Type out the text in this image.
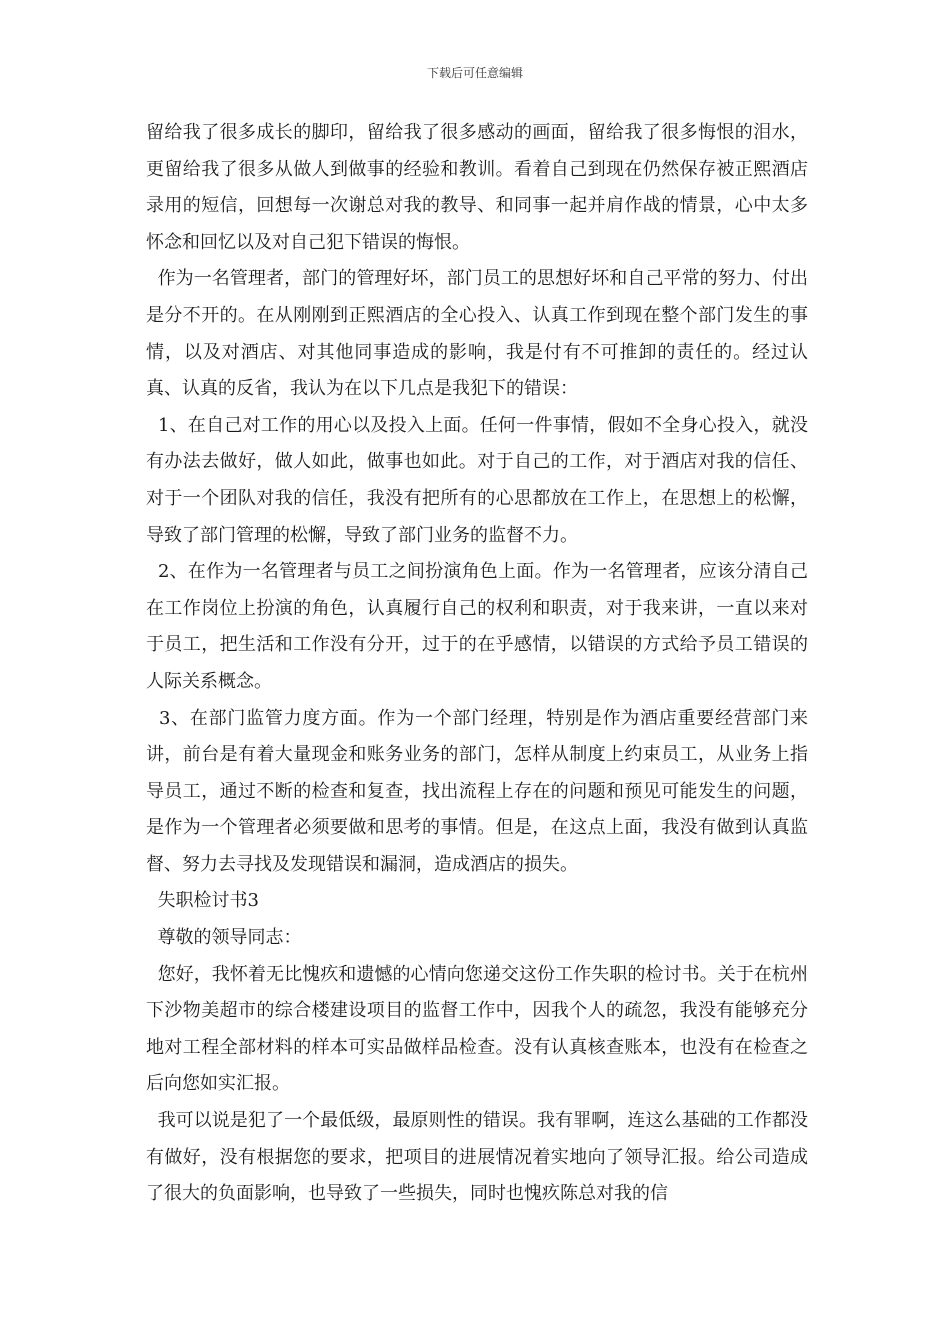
下载后可任意编辑

留给我了很多成长的脚印，留给我了很多感动的画面，留给我了很多悔恨的泪水，更留给我了很多从做人到做事的经验和教训。看着自己到现在仍然保存被正熙酒店录用的短信，回想每一次谢总对我的教导、和同事一起并肩作战的情景，心中太多怀念和回忆以及对自己犯下错误的悔恨。

作为一名管理者，部门的管理好坏，部门员工的思想好坏和自己平常的努力、付出是分不开的。在从刚刚到正熙酒店的全心投入、认真工作到现在整个部门发生的事情，以及对酒店、对其他同事造成的影响，我是付有不可推卸的责任的。经过认真、认真的反省，我认为在以下几点是我犯下的错误：

1、在自己对工作的用心以及投入上面。任何一件事情，假如不全身心投入，就没有办法去做好，做人如此，做事也如此。对于自己的工作，对于酒店对我的信任、对于一个团队对我的信任，我没有把所有的心思都放在工作上，在思想上的松懈，导致了部门管理的松懈，导致了部门业务的监督不力。

2、在作为一名管理者与员工之间扮演角色上面。作为一名管理者，应该分清自己在工作岗位上扮演的角色，认真履行自己的权利和职责，对于我来讲，一直以来对于员工，把生活和工作没有分开，过于的在乎感情，以错误的方式给予员工错误的人际关系概念。

3、在部门监管力度方面。作为一个部门经理，特别是作为酒店重要经营部门来讲，前台是有着大量现金和账务业务的部门，怎样从制度上约束员工，从业务上指导员工，通过不断的检查和复查，找出流程上存在的问题和预见可能发生的问题，是作为一个管理者必须要做和思考的事情。但是，在这点上面，我没有做到认真监督、努力去寻找及发现错误和漏洞，造成酒店的损失。

失职检讨书3

尊敬的领导同志：

您好，我怀着无比愧疚和遗憾的心情向您递交这份工作失职的检讨书。关于在杭州下沙物美超市的综合楼建设项目的监督工作中，因我个人的疏忽，我没有能够充分地对工程全部材料的样本可实品做样品检查。没有认真核查账本，也没有在检查之后向您如实汇报。

我可以说是犯了一个最低级，最原则性的错误。我有罪啊，连这么基础的工作都没有做好，没有根据您的要求，把项目的进展情况着实地向了领导汇报。给公司造成了很大的负面影响，也导致了一些损失，同时也愧疚陈总对我的信
